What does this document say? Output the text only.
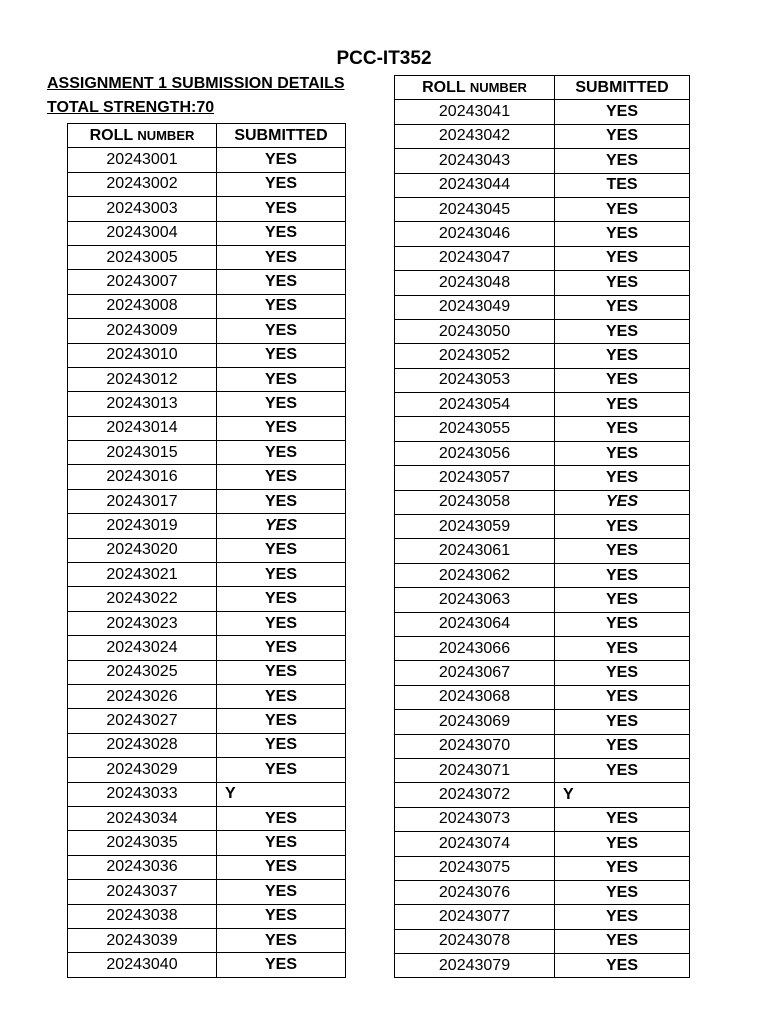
PCC-IT352
ASSIGNMENT 1 SUBMISSION DETAILS
TOTAL STRENGTH:70
ROLL NUMBER	SUBMITTED
20243001	YES
20243002	YES
20243003	YES
20243004	YES
20243005	YES
20243007	YES
20243008	YES
20243009	YES
20243010	YES
20243012	YES
20243013	YES
20243014	YES
20243015	YES
20243016	YES
20243017	YES
20243019	YES
20243020	YES
20243021	YES
20243022	YES
20243023	YES
20243024	YES
20243025	YES
20243026	YES
20243027	YES
20243028	YES
20243029	YES
20243033	Y
20243034	YES
20243035	YES
20243036	YES
20243037	YES
20243038	YES
20243039	YES
20243040	YES
ROLL NUMBER	SUBMITTED
20243041	YES
20243042	YES
20243043	YES
20243044	TES
20243045	YES
20243046	YES
20243047	YES
20243048	YES
20243049	YES
20243050	YES
20243052	YES
20243053	YES
20243054	YES
20243055	YES
20243056	YES
20243057	YES
20243058	YES
20243059	YES
20243061	YES
20243062	YES
20243063	YES
20243064	YES
20243066	YES
20243067	YES
20243068	YES
20243069	YES
20243070	YES
20243071	YES
20243072	Y
20243073	YES
20243074	YES
20243075	YES
20243076	YES
20243077	YES
20243078	YES
20243079	YES
